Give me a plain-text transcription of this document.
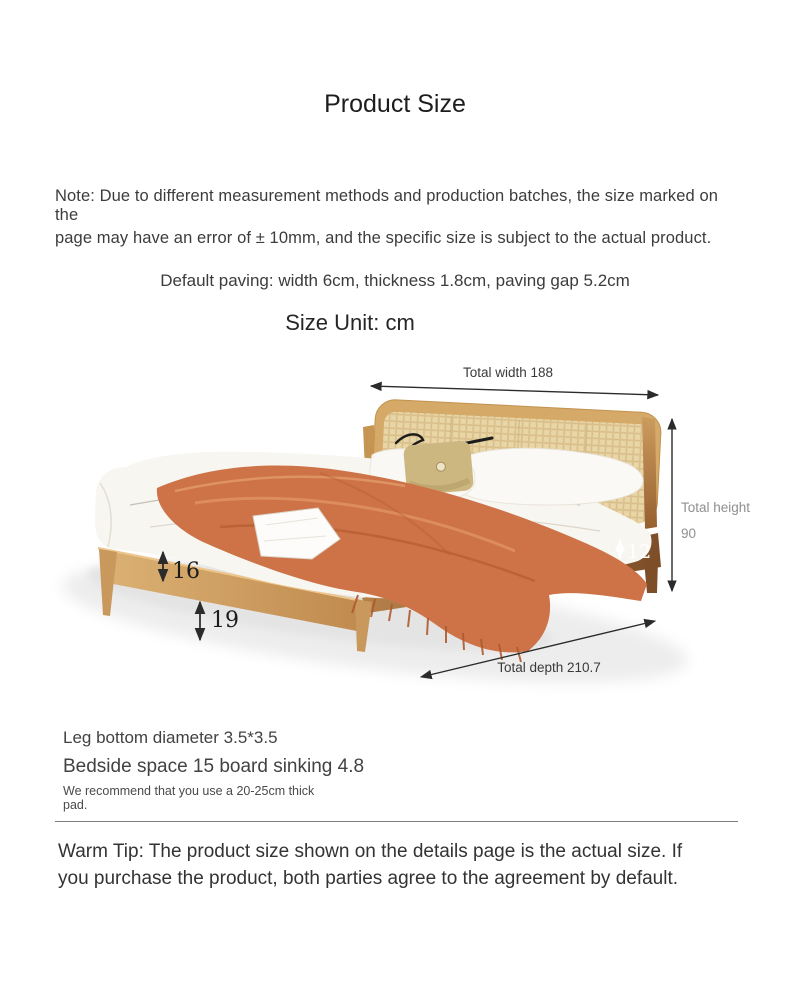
Product Size
Note: Due to different measurement methods and production batches, the size marked on the
page may have an error of ± 10mm, and the specific size is subject to the actual product.
Default paving: width 6cm, thickness 1.8cm, paving gap 5.2cm
Size Unit: cm
12
Total width 188
Total height
90
Total depth 210.7
16
19
Leg bottom diameter 3.5*3.5
Bedside space 15 board sinking 4.8
We recommend that you use a 20-25cm thick
pad.
Warm Tip: The product size shown on the details page is the actual size. If
you purchase the product, both parties agree to the agreement by default.
